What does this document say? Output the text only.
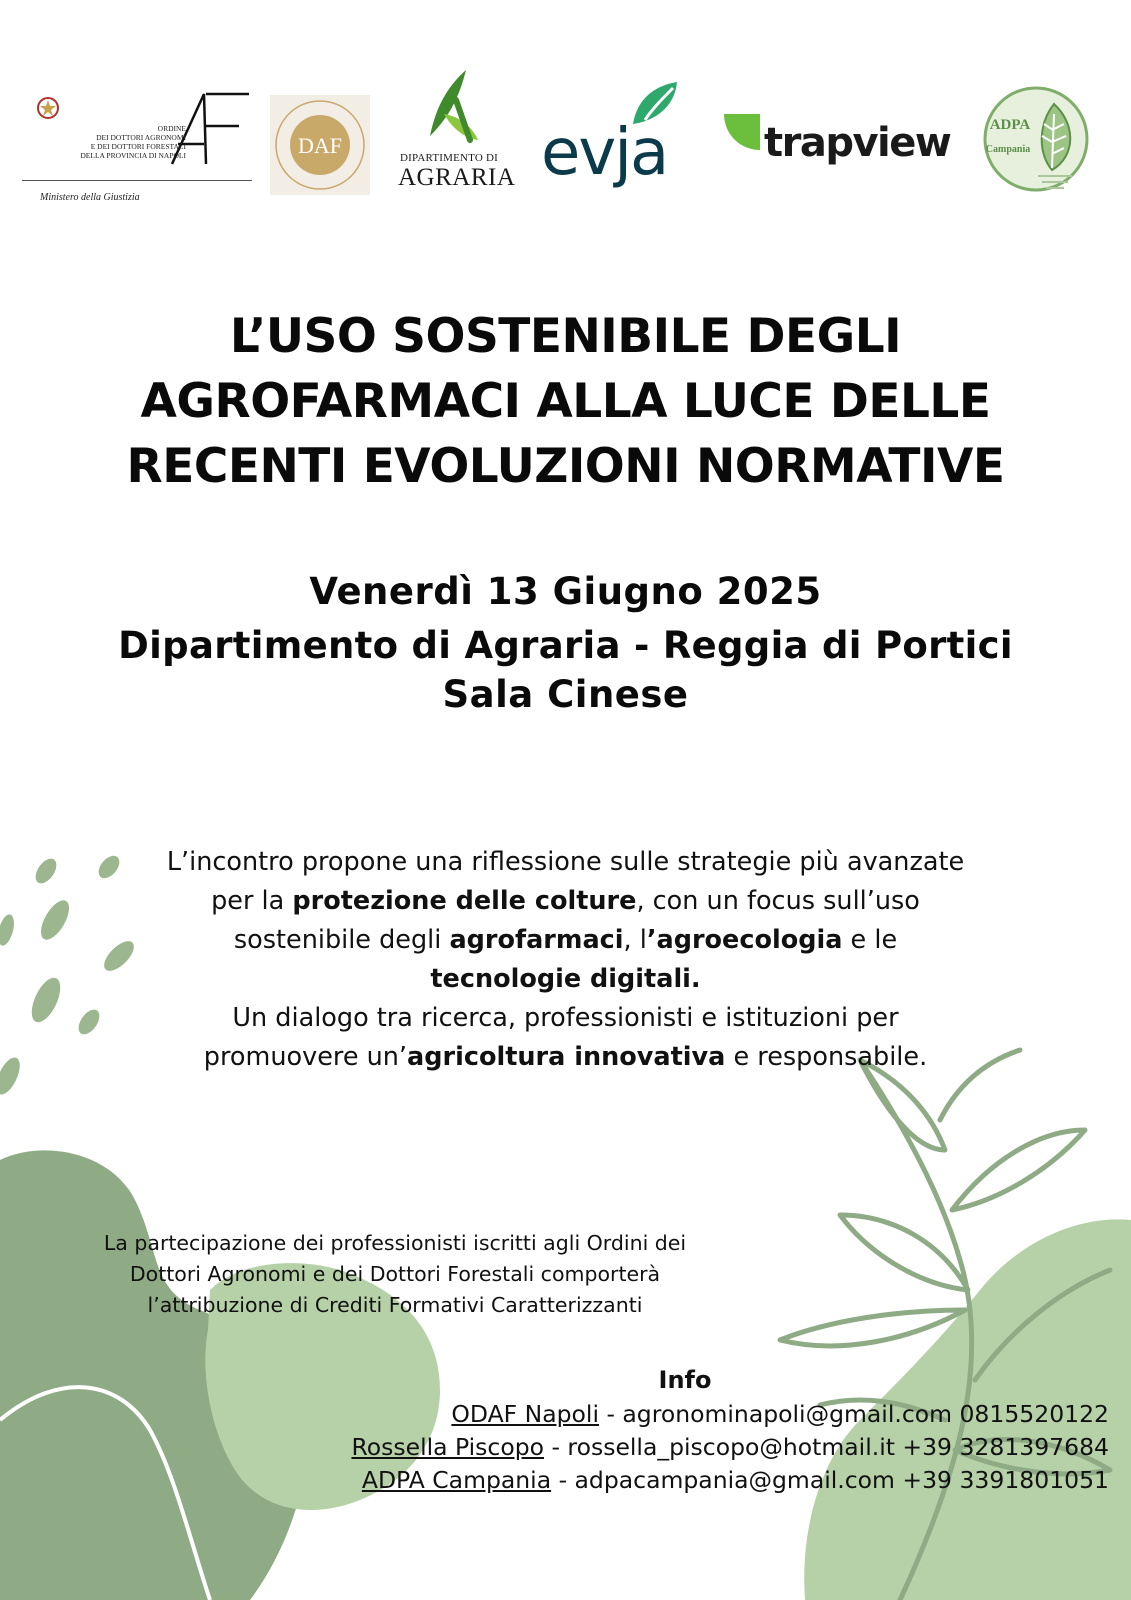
ORDINE
DEI DOTTORI AGRONOMI
E DEI DOTTORI FORESTALI
DELLA PROVINCIA DI NAPOLI
Ministero della Giustizia
DAF	DIPARTIMENTO DI
AGRARIA evja trapview	ADPA
Campania
L’USO SOSTENIBILE DEGLI
AGROFARMACI ALLA LUCE DELLE
RECENTI EVOLUZIONI NORMATIVE
Venerdì 13 Giugno 2025
Dipartimento di Agraria - Reggia di Portici
Sala Cinese
L’incontro propone una riflessione sulle strategie più avanzate per la protezione delle colture, con un focus sull’uso sostenibile degli agrofarmaci, l’agroecologia e le tecnologie digitali.
Un dialogo tra ricerca, professionisti e istituzioni per promuovere un’agricoltura innovativa e responsabile.
La partecipazione dei professionisti iscritti agli Ordini dei
Dottori Agronomi e dei Dottori Forestali comporterà
l’attribuzione di Crediti Formativi Caratterizzanti
Info
ODAF Napoli - agronominapoli@gmail.com 0815520122
Rossella Piscopo - rossella_piscopo@hotmail.it +39 3281397684
ADPA Campania - adpacampania@gmail.com +39 3391801051
